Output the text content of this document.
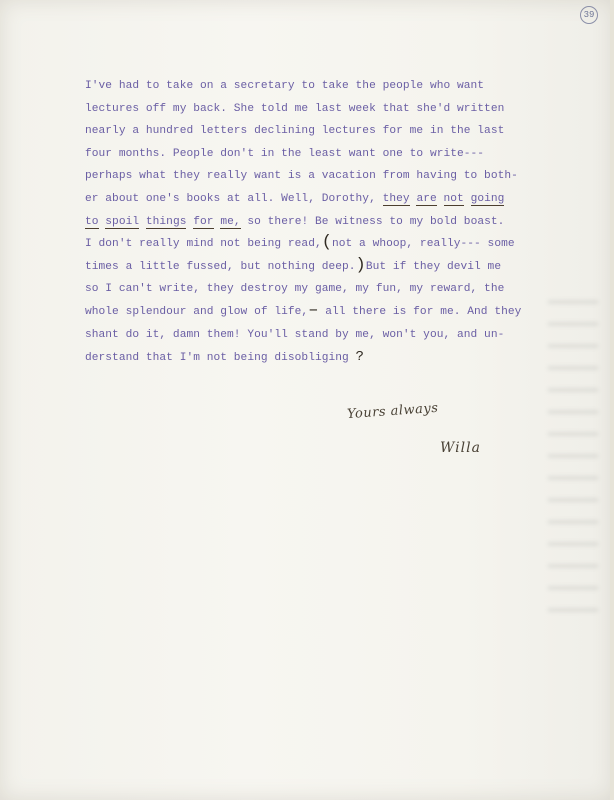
39
I've had to take on a secretary to take the people who want
lectures off my back. She told me last week that she'd written
nearly a hundred letters declining lectures for me in the last
four months. People don't in the least want one to write---
perhaps what they really want is a vacation from having to both-
er about one's books at all. Well, Dorothy, they are not going
to spoil things for me, so there! Be witness to my bold boast.
I don't really mind not being read,(not a whoop, really--- some
times a little fussed, but nothing deep.)But if they devil me
so I can't write, they destroy my game, my fun, my reward, the
whole splendour and glow of life,– all there is for me. And they
shant do it, damn them! You'll stand by me, won't you, and un-
derstand that I'm not being disobliging ?
Yours always
Willa
